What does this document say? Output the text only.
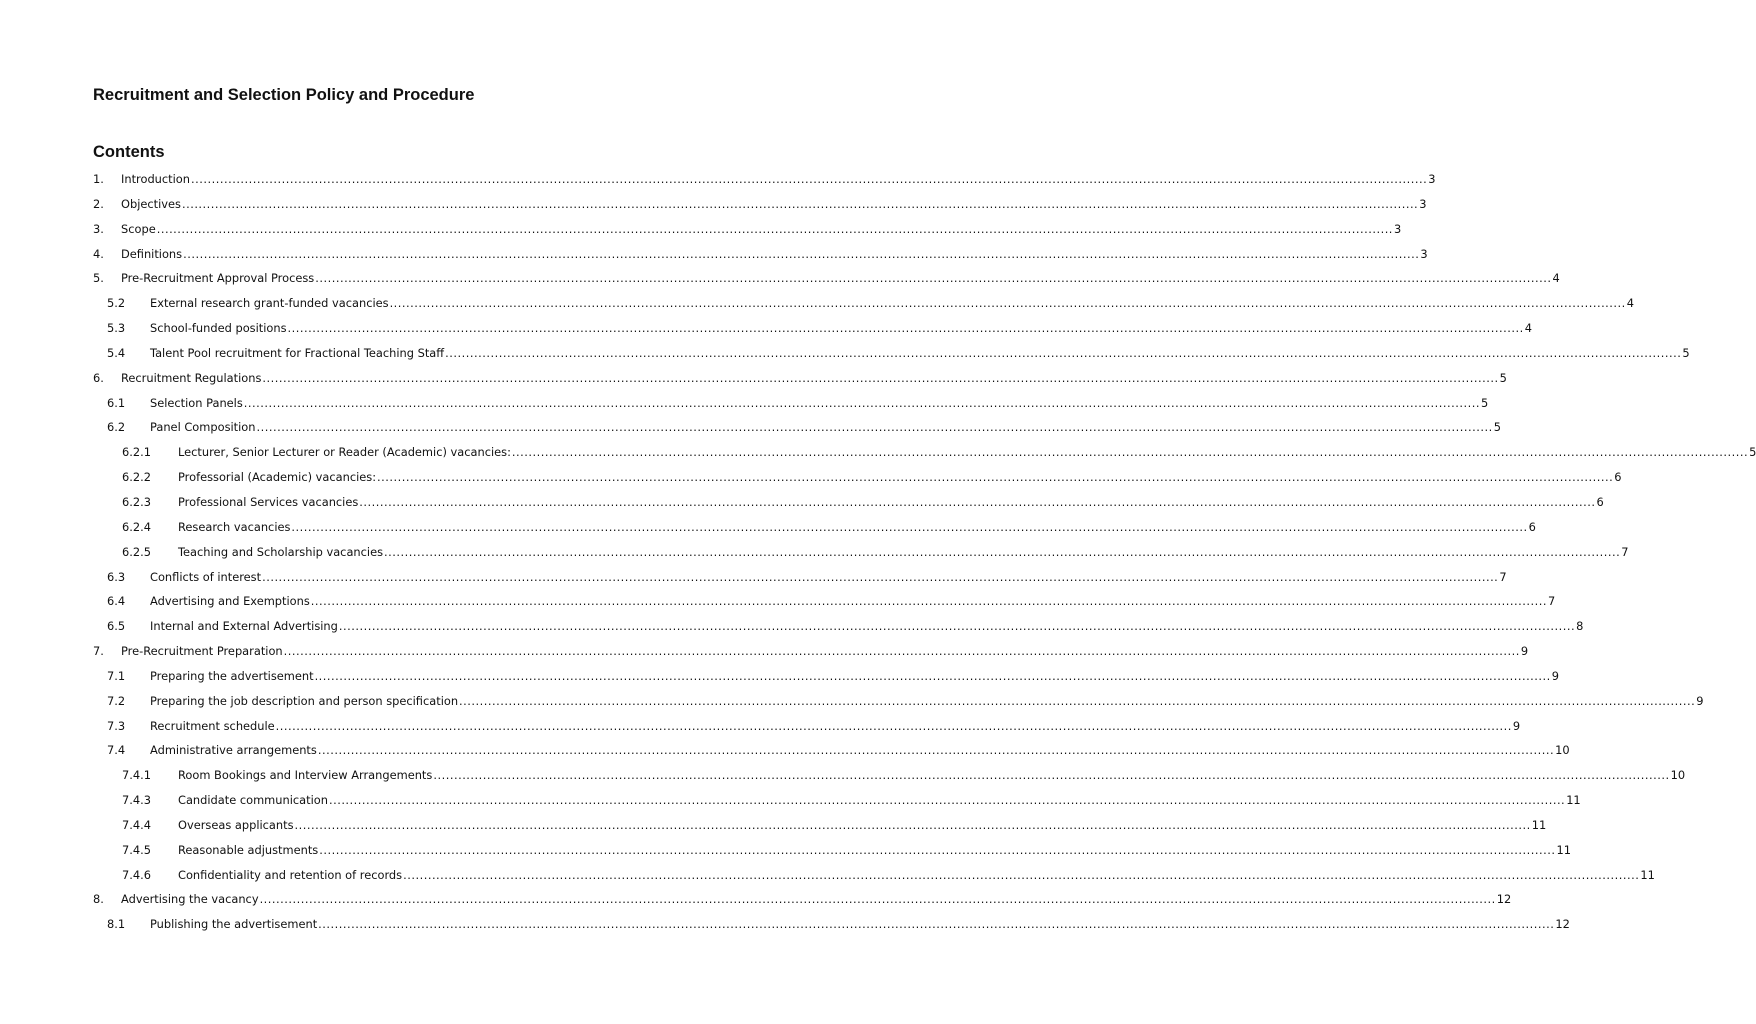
Recruitment and Selection Policy and Procedure
Contents
1. Introduction ............................................................................................................................................................................................................................................................................................................ 3
2. Objectives ............................................................................................................................................................................................................................................................................................................ 3
3. Scope ............................................................................................................................................................................................................................................................................................................ 3
4. Definitions ............................................................................................................................................................................................................................................................................................................ 3
5. Pre-Recruitment Approval Process ............................................................................................................................................................................................................................................................................................................ 4
5.2 External research grant-funded vacancies ............................................................................................................................................................................................................................................................................................................ 4
5.3 School-funded positions ............................................................................................................................................................................................................................................................................................................ 4
5.4 Talent Pool recruitment for Fractional Teaching Staff ............................................................................................................................................................................................................................................................................................................ 5
6. Recruitment Regulations ............................................................................................................................................................................................................................................................................................................ 5
6.1 Selection Panels ............................................................................................................................................................................................................................................................................................................ 5
6.2 Panel Composition ............................................................................................................................................................................................................................................................................................................ 5
6.2.1 Lecturer, Senior Lecturer or Reader (Academic) vacancies: ............................................................................................................................................................................................................................................................................................................ 5
6.2.2 Professorial (Academic) vacancies: ............................................................................................................................................................................................................................................................................................................ 6
6.2.3 Professional Services vacancies ............................................................................................................................................................................................................................................................................................................ 6
6.2.4 Research vacancies ............................................................................................................................................................................................................................................................................................................ 6
6.2.5 Teaching and Scholarship vacancies ............................................................................................................................................................................................................................................................................................................ 7
6.3 Conflicts of interest ............................................................................................................................................................................................................................................................................................................ 7
6.4 Advertising and Exemptions ............................................................................................................................................................................................................................................................................................................ 7
6.5 Internal and External Advertising ............................................................................................................................................................................................................................................................................................................ 8
7. Pre-Recruitment Preparation ............................................................................................................................................................................................................................................................................................................ 9
7.1 Preparing the advertisement ............................................................................................................................................................................................................................................................................................................ 9
7.2 Preparing the job description and person specification ............................................................................................................................................................................................................................................................................................................ 9
7.3 Recruitment schedule ............................................................................................................................................................................................................................................................................................................ 9
7.4 Administrative arrangements ............................................................................................................................................................................................................................................................................................................ 10
7.4.1 Room Bookings and Interview Arrangements ............................................................................................................................................................................................................................................................................................................ 10
7.4.3 Candidate communication ............................................................................................................................................................................................................................................................................................................ 11
7.4.4 Overseas applicants ............................................................................................................................................................................................................................................................................................................ 11
7.4.5 Reasonable adjustments ............................................................................................................................................................................................................................................................................................................ 11
7.4.6 Confidentiality and retention of records ............................................................................................................................................................................................................................................................................................................ 11
8. Advertising the vacancy ............................................................................................................................................................................................................................................................................................................ 12
8.1 Publishing the advertisement ............................................................................................................................................................................................................................................................................................................ 12
